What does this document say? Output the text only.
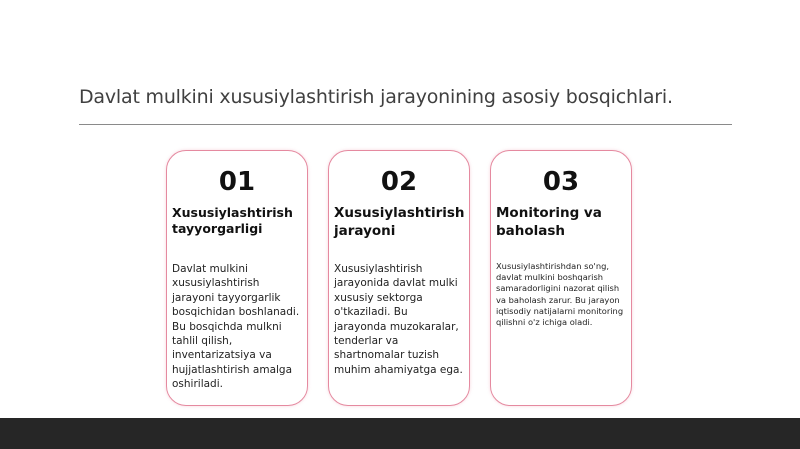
Davlat mulkini xususiylashtirish jarayonining asosiy bosqichlari.
01
Xususiylashtirish tayyorgarligi
Davlat mulkini xususiylashtirish jarayoni tayyorgarlik bosqichidan boshlanadi. Bu bosqichda mulkni tahlil qilish, inventarizatsiya va hujjatlashtirish amalga oshiriladi.
02
Xususiylashtirish jarayoni
Xususiylashtirish jarayonida davlat mulki xususiy sektorga o'tkaziladi. Bu jarayonda muzokaralar, tenderlar va shartnomalar tuzish muhim ahamiyatga ega.
03
Monitoring va baholash
Xususiylashtirishdan so'ng, davlat mulkini boshqarish samaradorligini nazorat qilish va baholash zarur. Bu jarayon iqtisodiy natijalarni monitoring qilishni o'z ichiga oladi.
